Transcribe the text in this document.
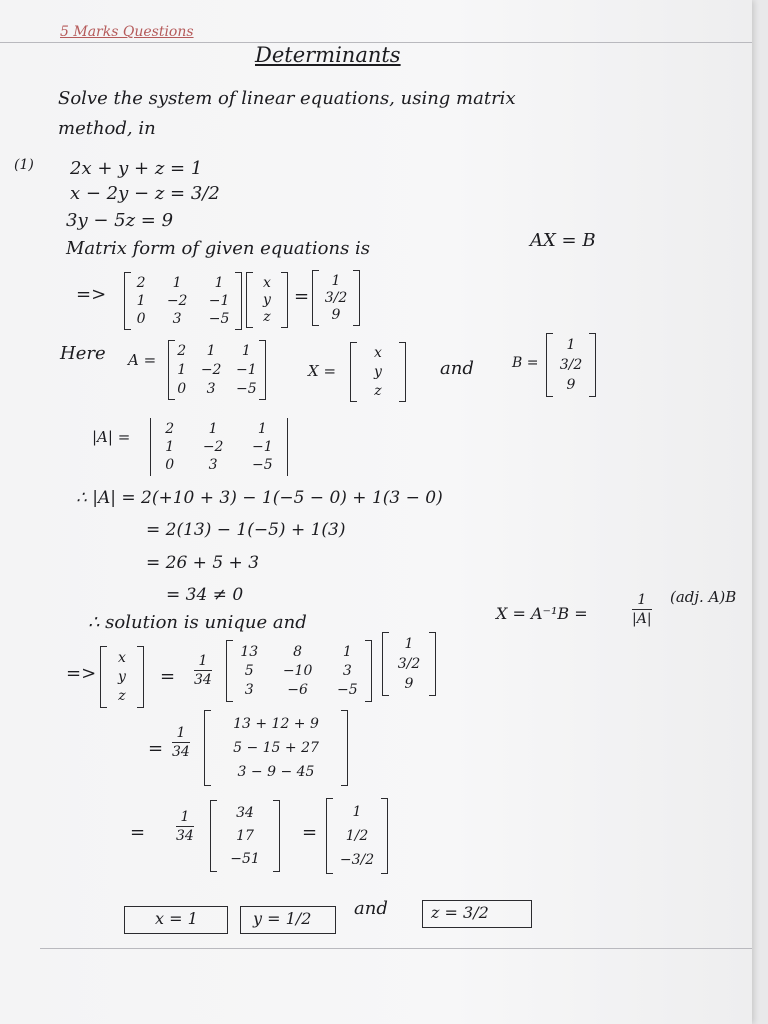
5 Marks Questions
Determinants
Solve the system of linear equations, using matrix
method, in
(1) 2x + y + z = 1
x − 2y − z = 3/2
3y − 5z = 9
Matrix form of given equations is	AX = B
=>
2	1	1
1	−2	−1
0	3	−5
x
y
z
=
1
3/2
9
Here A = 2	1	1
1 −2 −1
0	3	−5
X =
x
y
z
and	B =
1
3/2
9
|A| =	2	1	1
1	−2	−1
0	3	−5
∴ |A| = 2(+10 + 3) − 1(−5 − 0) + 1(3 − 0)
= 2(13) − 1(−5) + 1(3)
= 26 + 5 + 3
= 34 ≠ 0
∴ solution is unique and	X = A⁻¹B =
1
|A|
(adj. A)B
=>
x
y
z
=
1
34
13	8	1
5	−10	3
3	−6	−5
1
3/2
9
=
1
34
13 + 12 + 9
5 − 15 + 27
3 − 9 − 45
=
1
34
34
17
−51
=
1
1/2
−3/2
x = 1	y = 1/2 and	z = 3/2
